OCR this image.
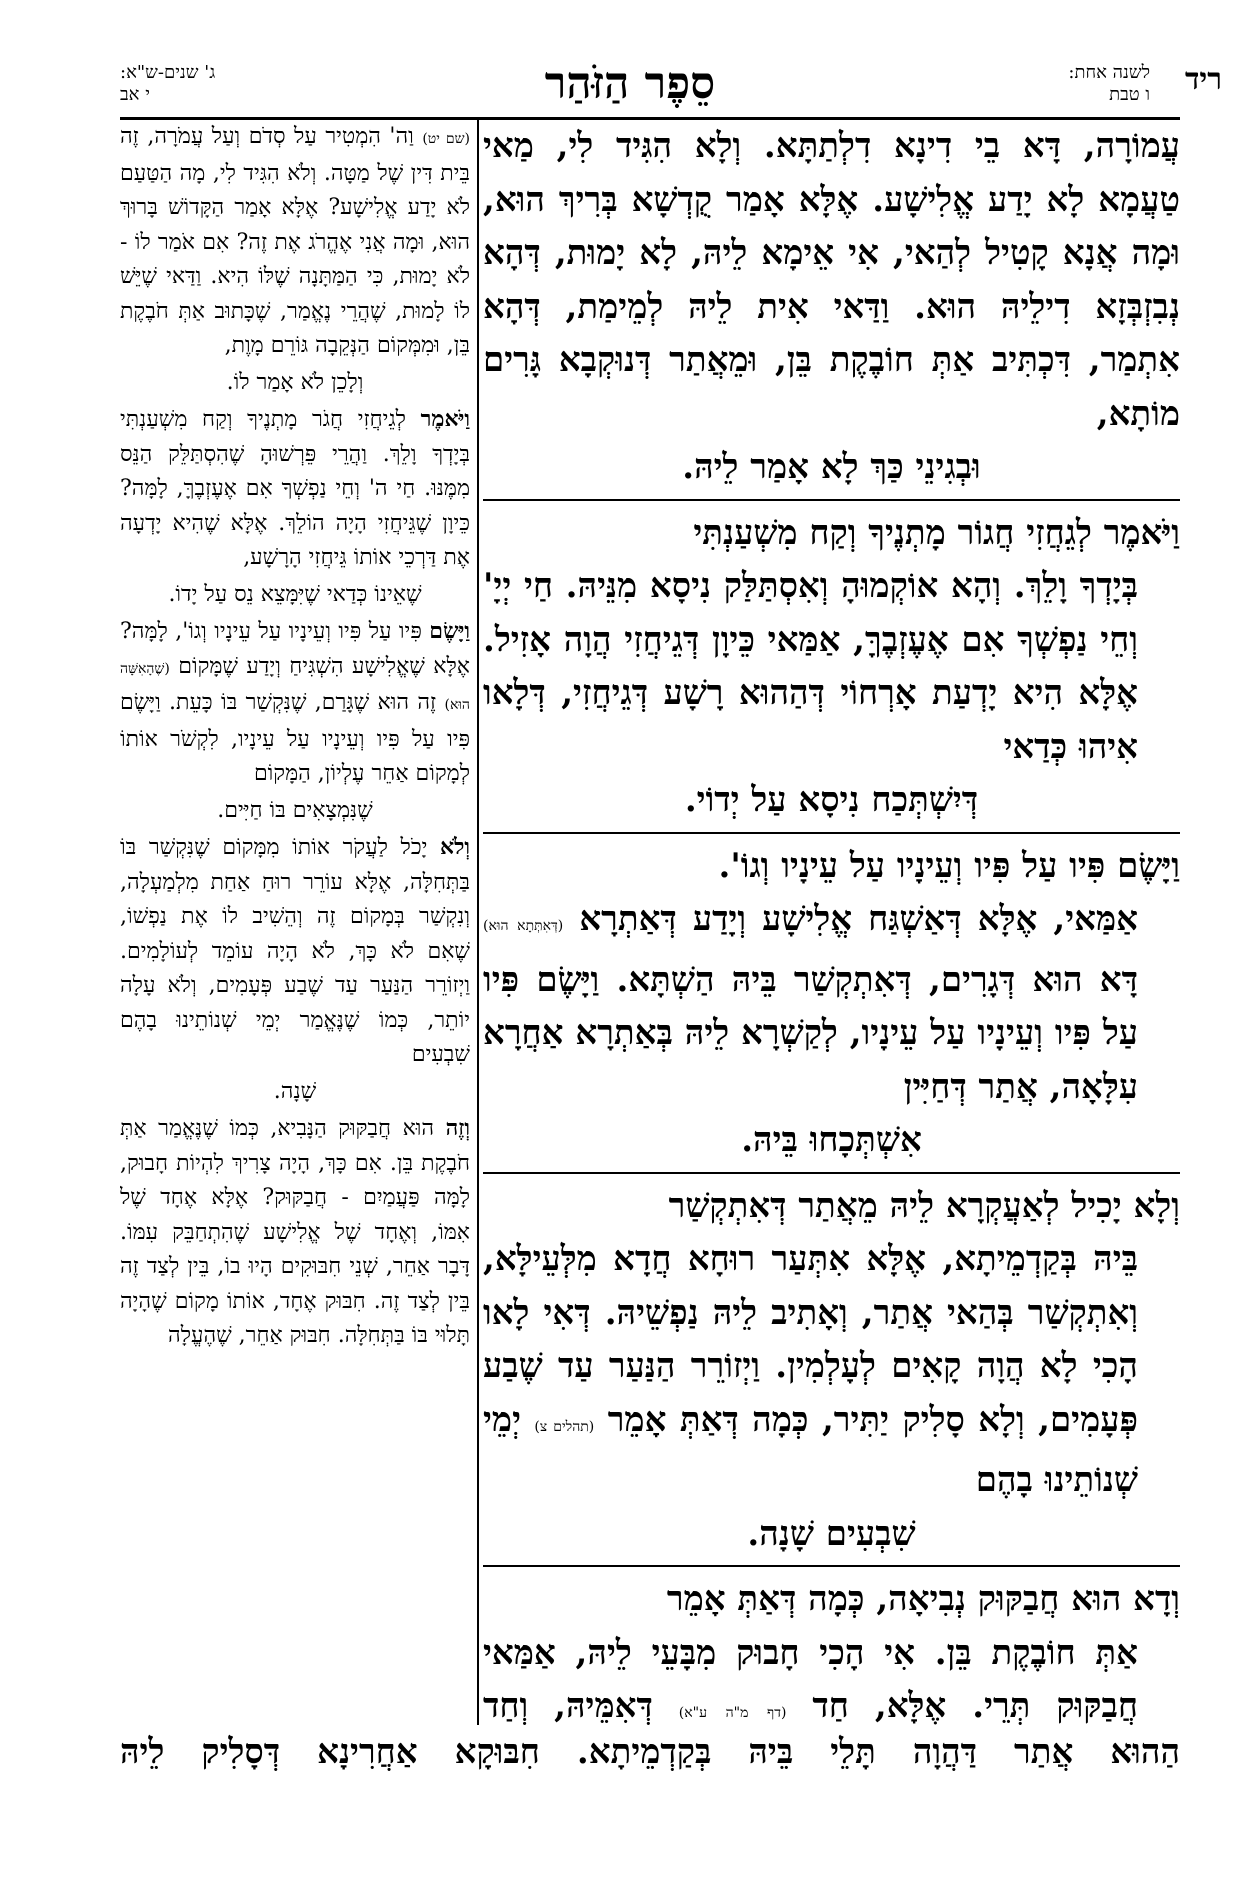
ריד
לשנה אחת:
ו טבת
סֵפֶר הַזֹּהַר
ג' שנים-ש"א:
י אב

עֲמוֹרָה, דָּא בֵי דִינָא דִלְתַתָּא. וְלָא הִגִּיד לִי, מַאי טַעֲמָא לָא יָדַע אֱלִישָׁע. אֶלָּא אָמַר קֻדְשָׁא בְּרִיךְ הוּא, וּמָה אֲנָא קָטִיל לְהַאי, אִי אֵימָא לֵיהּ, לָא יָמוּת, דְּהָא נְבִזְבְּזָא דִילֵיהּ הוּא. וַדַּאי אִית לֵיהּ לְמֵימַת, דְּהָא אִתְמַר, דִּכְתִּיב אַתְּ חוֹבֶקֶת בֵּן, וּמֵאֲתַר דְּנוּקְבָא גָּרִים מוֹתָא,

וּבְגִינֵי כַּךְ לָא אָמַר לֵיהּ.

וַיֹּאמֶר לְגֵחֲזִי חֲגוֹר מָתְנֶיךָ וְקַח מִשְׁעַנְתִּי

בְּיָדְךָ וָלֵךְ. וְהָא אוֹקְמוּהָ וְאִסְתַּלַּק נִיסָא מִנֵּיהּ. חַי יְיָ' וְחֵי נַפְשְׁךָ אִם אֶעֶזְבֶךָּ, אַמַּאי כֵּיוָן דְּגֵיחֲזִי הֲוָה אָזִיל. אֶלָּא הִיא יָדְעַת אָרְחוֹי דְּהַהוּא רָשָׁע דְּגֵיחֲזִי, דְּלָאו אִיהוּ כְּדַאי

דְּיִשְׁתְּכַח נִיסָא עַל יְדוֹי.

וַיָּשֶׂם פִּיו עַל פִּיו וְעֵינָיו עַל עֵינָיו וְגוֹ'.

אַמַּאי, אֶלָּא דְּאַשְׁגַּח אֱלִישָׁע וְיָדַע דְּאַתְרָא (דְּאִתְּתָא הוּא) דָּא הוּא דְּגָרִים, דְּאִתְקְשַׁר בֵּיהּ הַשְׁתָּא. וַיָּשֶׂם פִּיו עַל פִּיו וְעֵינָיו עַל עֵינָיו, לְקַשְׁרָא לֵיהּ בְּאַתְרָא אַחֲרָא עִלָּאָה, אֲתַר דְּחַיִּין

אִשְׁתְּכָחוּ בֵּיהּ.

וְלָא יָכִיל לְאַעֲקְרָא לֵיהּ מֵאֲתַר דְּאִתְקְשַׁר

בֵּיהּ בְּקַדְמֵיתָא, אֶלָּא אִתְּעַר רוּחָא חֲדָא מִלְּעֵילָּא, וְאִתְקְשַׁר בְּהַאי אֲתַר, וְאָתִיב לֵיהּ נַפְשֵׁיהּ. דְּאִי לָאו הָכִי לָא הֲוָה קָאִים לְעָלְמִין. וַיְזוֹרֵר הַנַּעַר עַד שֶׁבַע פְּעָמִים, וְלָא סָלִיק יַתִּיר, כְּמָה דְּאַתְּ אָמֵר (תהלים צ) יְמֵי שְׁנוֹתֵינוּ בָהֶם

שִׁבְעִים שָׁנָה.

וְדָא הוּא חֲבַקּוּק נְבִיאָה, כְּמָה דְּאַתְּ אָמֵר

אַתְּ חוֹבֶקֶת בֵּן. אִי הָכִי חָבוּק מִבָּעֵי לֵיהּ, אַמַּאי חֲבַקּוּק תְּרֵי. אֶלָּא, חַד (דף מ"ה ע"א) דְּאִמֵּיהּ, וְחַד

(שם יט) וַה' הִמְטִיר עַל סְדֹם וְעַל עֲמֹרָה, זֶה בֵּית דִּין שֶׁל מַטָּה. וְלֹא הִגִּיד לִי, מָה הַטַּעַם לֹא יָדַע אֱלִישָׁע? אֶלָּא אָמַר הַקָּדוֹשׁ בָּרוּךְ הוּא, וּמָה אֲנִי אֶהֱרֹג אֶת זֶה? אִם אֹמַר לוֹ - לֹא יָמוּת, כִּי הַמַּתָּנָה שֶׁלּוֹ הִיא. וַדַּאי שֶׁיֵּשׁ לוֹ לָמוּת, שֶׁהֲרֵי נֶאֱמַר, שֶׁכָּתוּב אַתְּ חֹבֶקֶת בֵּן, וּמִמְּקוֹם הַנְּקֵבָה גּוֹרֵם מָוֶת,

וְלָכֵן לֹא אָמַר לוֹ.

וַיֹּאמֶר לְגֵיחֲזִי חֲגֹר מָתְנֶיךָ וְקַח מִשְׁעַנְתִּי בְּיָדְךָ וָלֵךְ. וַהֲרֵי פֵּרְשׁוּהָ שֶׁהִסְתַּלֵּק הַנֵּס מִמֶּנּוּ. חַי ה' וְחֵי נַפְשְׁךָ אִם אֶעֶזְבֶךָּ, לָמָּה? כֵּיוָן שֶׁגֵּיחֲזִי הָיָה הוֹלֵךְ. אֶלָּא שֶׁהִיא יָדְעָה אֶת דַּרְכֵי אוֹתוֹ גֵּיחֲזִי הָרָשָׁע,

שֶׁאֵינוֹ כְּדַאי שֶׁיִּמָּצֵא נֵס עַל יָדוֹ.

וַיָּשֶׂם פִּיו עַל פִּיו וְעֵינָיו עַל עֵינָיו וְגוֹ', לָמָּה? אֶלָּא שֶׁאֱלִישָׁע הִשְׁגִּיחַ וְיָדַע שֶׁמָּקוֹם (שֶׁהָאִשָּׁה הוּא) זֶה הוּא שֶׁגָּרַם, שֶׁנִּקְשַׁר בּוֹ כָּעֵת. וַיָּשֶׂם פִּיו עַל פִּיו וְעֵינָיו עַל עֵינָיו, לִקְשֹׁר אוֹתוֹ לְמָקוֹם אַחֵר עֶלְיוֹן, הַמָּקוֹם

שֶׁנִּמְצָאִים בּוֹ חַיִּים.

וְלֹא יָכֹל לַעֲקֹר אוֹתוֹ מִמָּקוֹם שֶׁנִּקְשַׁר בּוֹ בַּתְּחִלָּה, אֶלָּא עוֹרֵר רוּחַ אַחַת מִלְמַעְלָה, וְנִקְשַׁר בְּמָקוֹם זֶה וְהֵשִׁיב לוֹ אֶת נַפְשׁוֹ, שֶׁאִם לֹא כָּךְ, לֹא הָיָה עוֹמֵד לְעוֹלָמִים. וַיְזוֹרֵר הַנַּעַר עַד שֶׁבַע פְּעָמִים, וְלֹא עָלָה יוֹתֵר, כְּמוֹ שֶׁנֶּאֱמַר יְמֵי שְׁנוֹתֵינוּ בָהֶם שִׁבְעִים

שָׁנָה.

וְזֶה הוּא חֲבַקּוּק הַנָּבִיא, כְּמוֹ שֶׁנֶּאֱמַר אַתְּ חֹבֶקֶת בֵּן. אִם כָּךְ, הָיָה צָרִיךְ לִהְיוֹת חָבוּק, לָמָּה פַּעֲמַיִם - חֲבַקּוּק? אֶלָּא אֶחָד שֶׁל אִמּוֹ, וְאֶחָד שֶׁל אֱלִישָׁע שֶׁהִתְחַבֵּק עִמּוֹ. דָּבָר אַחֵר, שְׁנֵי חִבּוּקִים הָיוּ בוֹ, בֵּין לְצַד זֶה בֵּין לְצַד זֶה. חִבּוּק אֶחָד, אוֹתוֹ מָקוֹם שֶׁהָיָה תָּלוּי בּוֹ בַּתְּחִלָּה. חִבּוּק אַחֵר, שֶׁהֶעֱלָה

הַהוּא אֲתַר דַּהֲוָה תָּלֵי בֵּיהּ בְּקַדְמֵיתָא. חִבּוּקָא אַחֲרִינָא דְּסָלִיק לֵיהּ
